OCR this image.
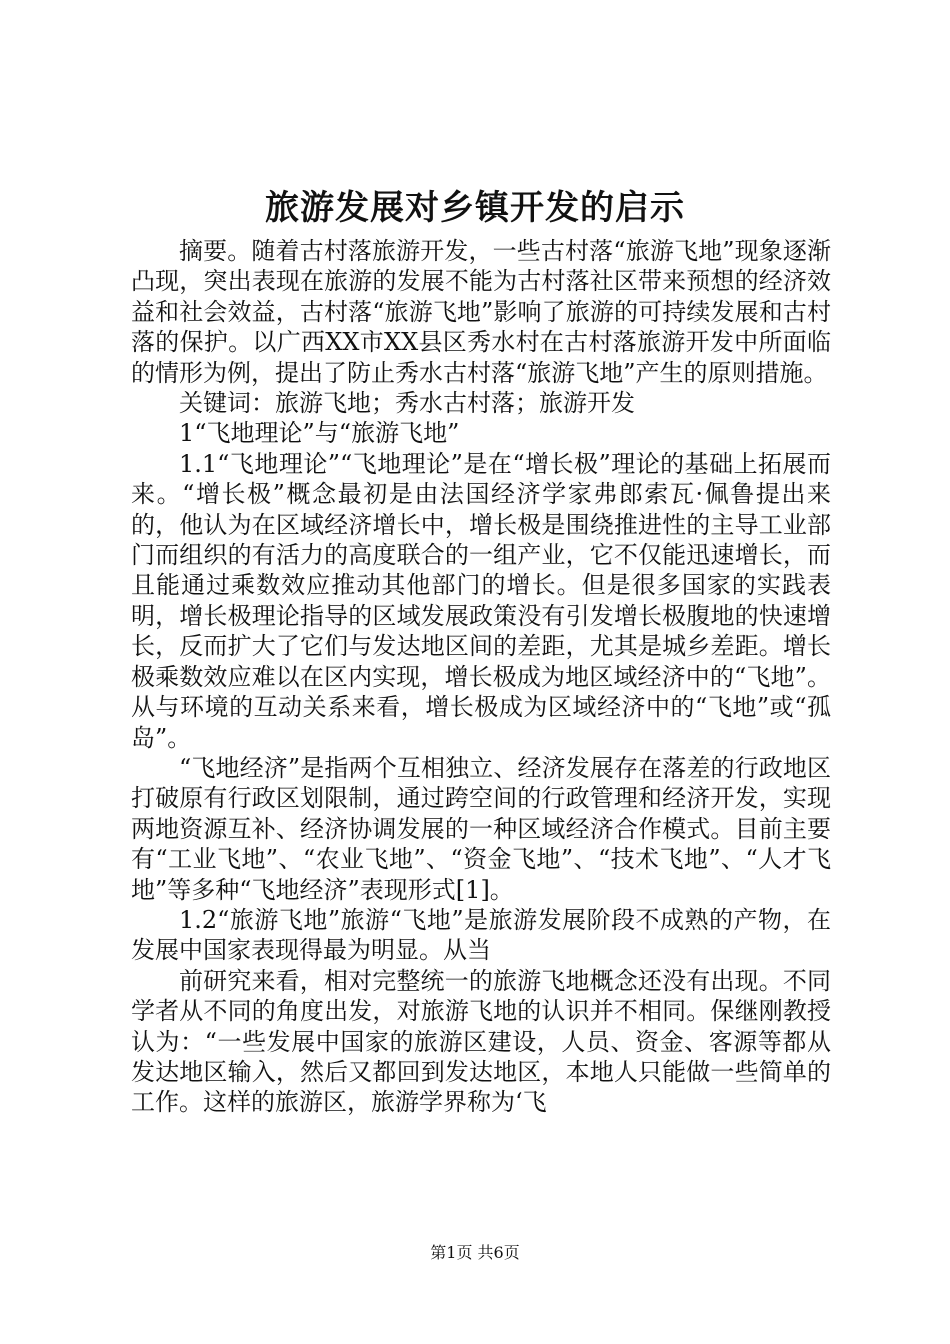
旅游发展对乡镇开发的启示

摘要。随着古村落旅游开发，一些古村落“旅游飞地”现象逐渐凸现，突出表现在旅游的发展不能为古村落社区带来预想的经济效益和社会效益，古村落“旅游飞地”影响了旅游的可持续发展和古村落的保护。以广西XX市XX县区秀水村在古村落旅游开发中所面临的情形为例，提出了防止秀水古村落“旅游飞地”产生的原则措施。

关键词：旅游飞地；秀水古村落；旅游开发

1“飞地理论”与“旅游飞地”

1.1“飞地理论”“飞地理论”是在“增长极”理论的基础上拓展而来。“增长极”概念最初是由法国经济学家弗郎索瓦·佩鲁提出来的，他认为在区域经济增长中，增长极是围绕推进性的主导工业部门而组织的有活力的高度联合的一组产业，它不仅能迅速增长，而且能通过乘数效应推动其他部门的增长。但是很多国家的实践表明，增长极理论指导的区域发展政策没有引发增长极腹地的快速增长，反而扩大了它们与发达地区间的差距，尤其是城乡差距。增长极乘数效应难以在区内实现，增长极成为地区域经济中的“飞地”。从与环境的互动关系来看，增长极成为区域经济中的“飞地”或“孤岛”。

“飞地经济”是指两个互相独立、经济发展存在落差的行政地区打破原有行政区划限制，通过跨空间的行政管理和经济开发，实现两地资源互补、经济协调发展的一种区域经济合作模式。目前主要有“工业飞地”、“农业飞地”、“资金飞地”、“技术飞地”、“人才飞地”等多种“飞地经济”表现形式[1]。

1.2“旅游飞地”旅游“飞地”是旅游发展阶段不成熟的产物，在发展中国家表现得最为明显。从当

前研究来看，相对完整统一的旅游飞地概念还没有出现。不同学者从不同的角度出发，对旅游飞地的认识并不相同。保继刚教授认为：“一些发展中国家的旅游区建设，人员、资金、客源等都从发达地区输入，然后又都回到发达地区，本地人只能做一些简单的工作。这样的旅游区，旅游学界称为‘飞

第1页 共6页
